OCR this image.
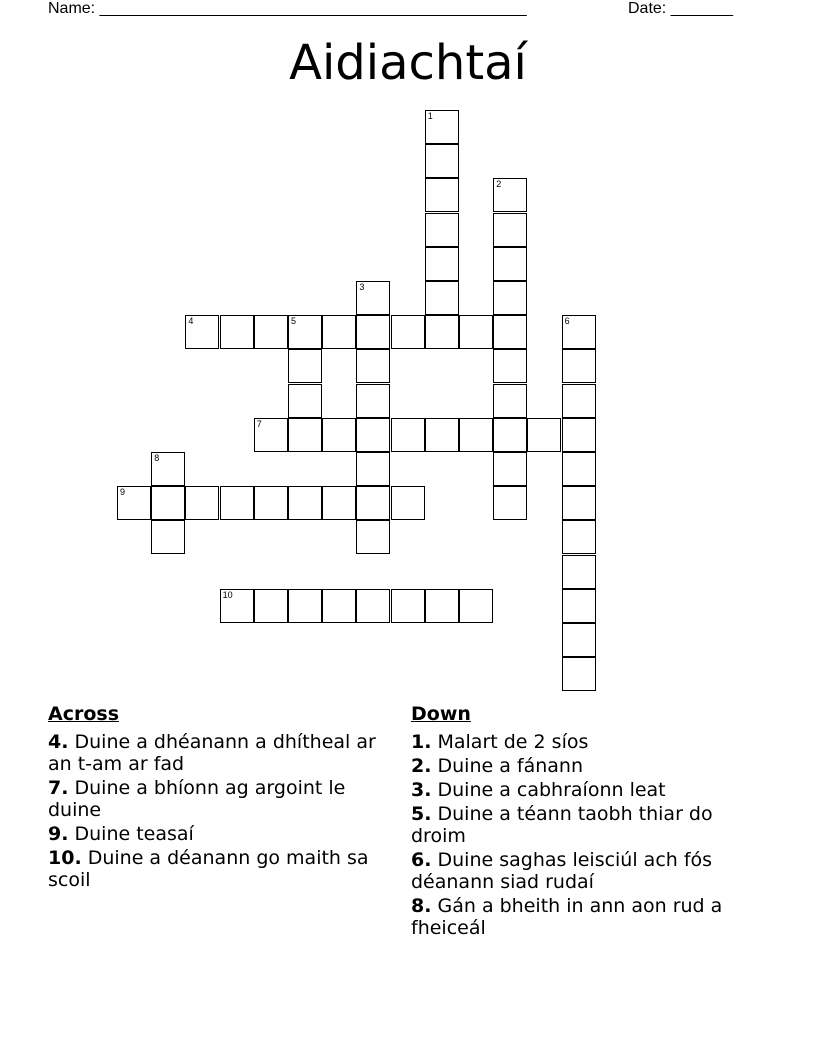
Name: ________________________________________________	Date: _______
Aidiachtaí
1
2
3
4	5	6
7
8
9
10
Across
4. Duine a dhéanann a dhítheal ar an t-am ar fad
7. Duine a bhíonn ag argoint le duine
9. Duine teasaí
10. Duine a déanann go maith sa scoil
Down
1. Malart de 2 síos
2. Duine a fánann
3. Duine a cabhraíonn leat
5. Duine a téann taobh thiar do droim
6. Duine saghas leisciúl ach fós déanann siad rudaí
8. Gán a bheith in ann aon rud a fheiceál
